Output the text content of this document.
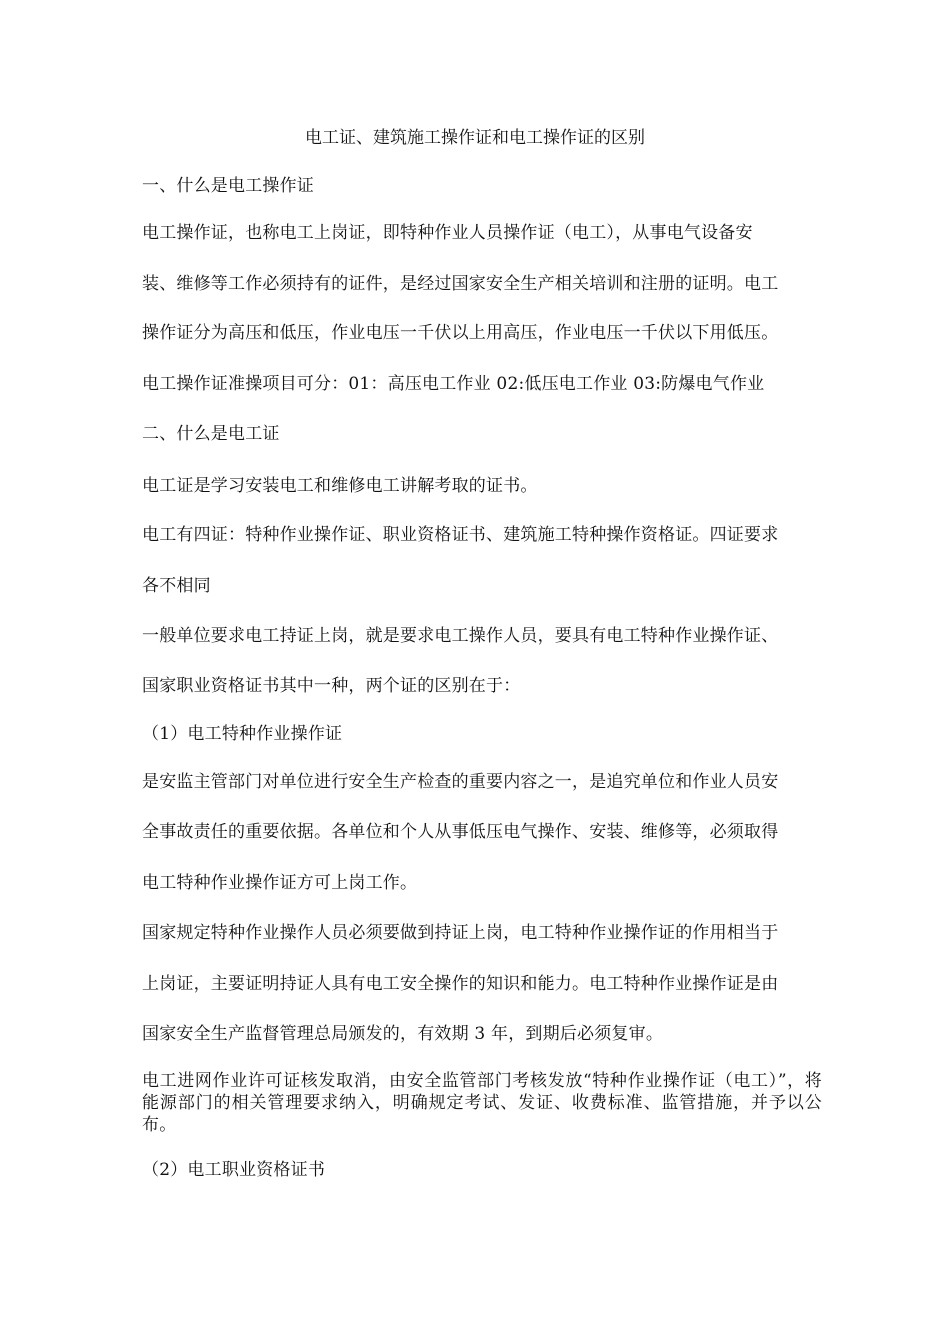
电工证、建筑施工操作证和电工操作证的区别
一、什么是电工操作证
电工操作证，也称电工上岗证，即特种作业人员操作证（电工），从事电气设备安
装、维修等工作必须持有的证件，是经过国家安全生产相关培训和注册的证明。电工
操作证分为高压和低压，作业电压一千伏以上用高压，作业电压一千伏以下用低压。
电工操作证准操项目可分：01：高压电工作业 02:低压电工作业 03:防爆电气作业
二、什么是电工证
电工证是学习安装电工和维修电工讲解考取的证书。
电工有四证：特种作业操作证、职业资格证书、建筑施工特种操作资格证。四证要求
各不相同
一般单位要求电工持证上岗，就是要求电工操作人员，要具有电工特种作业操作证、
国家职业资格证书其中一种，两个证的区别在于：
（1）电工特种作业操作证
是安监主管部门对单位进行安全生产检查的重要内容之一，是追究单位和作业人员安
全事故责任的重要依据。各单位和个人从事低压电气操作、安装、维修等，必须取得
电工特种作业操作证方可上岗工作。
国家规定特种作业操作人员必须要做到持证上岗，电工特种作业操作证的作用相当于
上岗证，主要证明持证人具有电工安全操作的知识和能力。电工特种作业操作证是由
国家安全生产监督管理总局颁发的，有效期 3 年，到期后必须复审。
电工进网作业许可证核发取消，由安全监管部门考核发放“特种作业操作证（电工）”，将能源部门的相关管理要求纳入，明确规定考试、发证、收费标准、监管措施，并予以公布。
（2）电工职业资格证书
